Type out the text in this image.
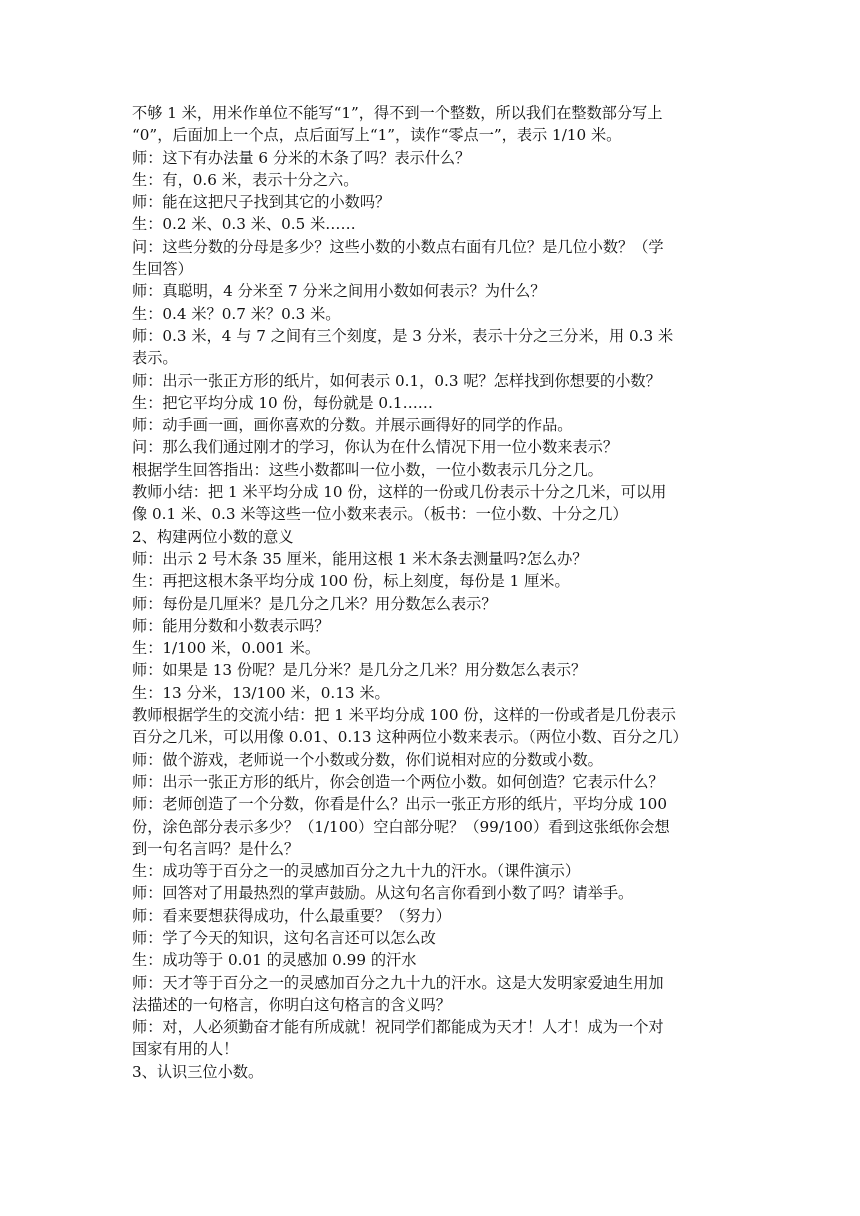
不够 1 米，用米作单位不能写“1”，得不到一个整数，所以我们在整数部分写上
“0”，后面加上一个点，点后面写上“1”，读作“零点一”，表示 1/10 米。
师：这下有办法量 6 分米的木条了吗？表示什么？
生：有，0.6 米，表示十分之六。
师：能在这把尺子找到其它的小数吗？
生：0.2 米、0.3 米、0.5 米……
问：这些分数的分母是多少？这些小数的小数点右面有几位？是几位小数？（学
生回答）
师：真聪明，4 分米至 7 分米之间用小数如何表示？为什么？
生：0.4 米？0.7 米？0.3 米。
师：0.3 米，4 与 7 之间有三个刻度，是 3 分米，表示十分之三分米，用 0.3 米
表示。
师：出示一张正方形的纸片，如何表示 0.1，0.3 呢？怎样找到你想要的小数？
生：把它平均分成 10 份，每份就是 0.1……
师：动手画一画，画你喜欢的分数。并展示画得好的同学的作品。
问：那么我们通过刚才的学习，你认为在什么情况下用一位小数来表示？
根据学生回答指出：这些小数都叫一位小数，一位小数表示几分之几。
教师小结：把 1 米平均分成 10 份，这样的一份或几份表示十分之几米，可以用
像 0.1 米、0.3 米等这些一位小数来表示。（板书：一位小数、十分之几）
2、构建两位小数的意义
师：出示 2 号木条 35 厘米，能用这根 1 米木条去测量吗?怎么办？
生：再把这根木条平均分成 100 份，标上刻度，每份是 1 厘米。
师：每份是几厘米？是几分之几米？用分数怎么表示？
师：能用分数和小数表示吗？
生：1/100 米，0.001 米。
师：如果是 13 份呢？是几分米？是几分之几米？用分数怎么表示？
生：13 分米，13/100 米，0.13 米。
教师根据学生的交流小结：把 1 米平均分成 100 份，这样的一份或者是几份表示
百分之几米，可以用像 0.01、0.13 这种两位小数来表示。（两位小数、百分之几）
师：做个游戏，老师说一个小数或分数，你们说相对应的分数或小数。
师：出示一张正方形的纸片，你会创造一个两位小数。如何创造？它表示什么？
师：老师创造了一个分数，你看是什么？出示一张正方形的纸片，平均分成 100
份，涂色部分表示多少？（1/100）空白部分呢？（99/100）看到这张纸你会想
到一句名言吗？是什么？
生：成功等于百分之一的灵感加百分之九十九的汗水。（课件演示）
师：回答对了用最热烈的掌声鼓励。从这句名言你看到小数了吗？请举手。
师：看来要想获得成功，什么最重要？（努力）
师：学了今天的知识，这句名言还可以怎么改
生：成功等于 0.01 的灵感加 0.99 的汗水
师：天才等于百分之一的灵感加百分之九十九的汗水。这是大发明家爱迪生用加
法描述的一句格言，你明白这句格言的含义吗？
师：对，人必须勤奋才能有所成就！祝同学们都能成为天才！人才！成为一个对
国家有用的人！
3、认识三位小数。
